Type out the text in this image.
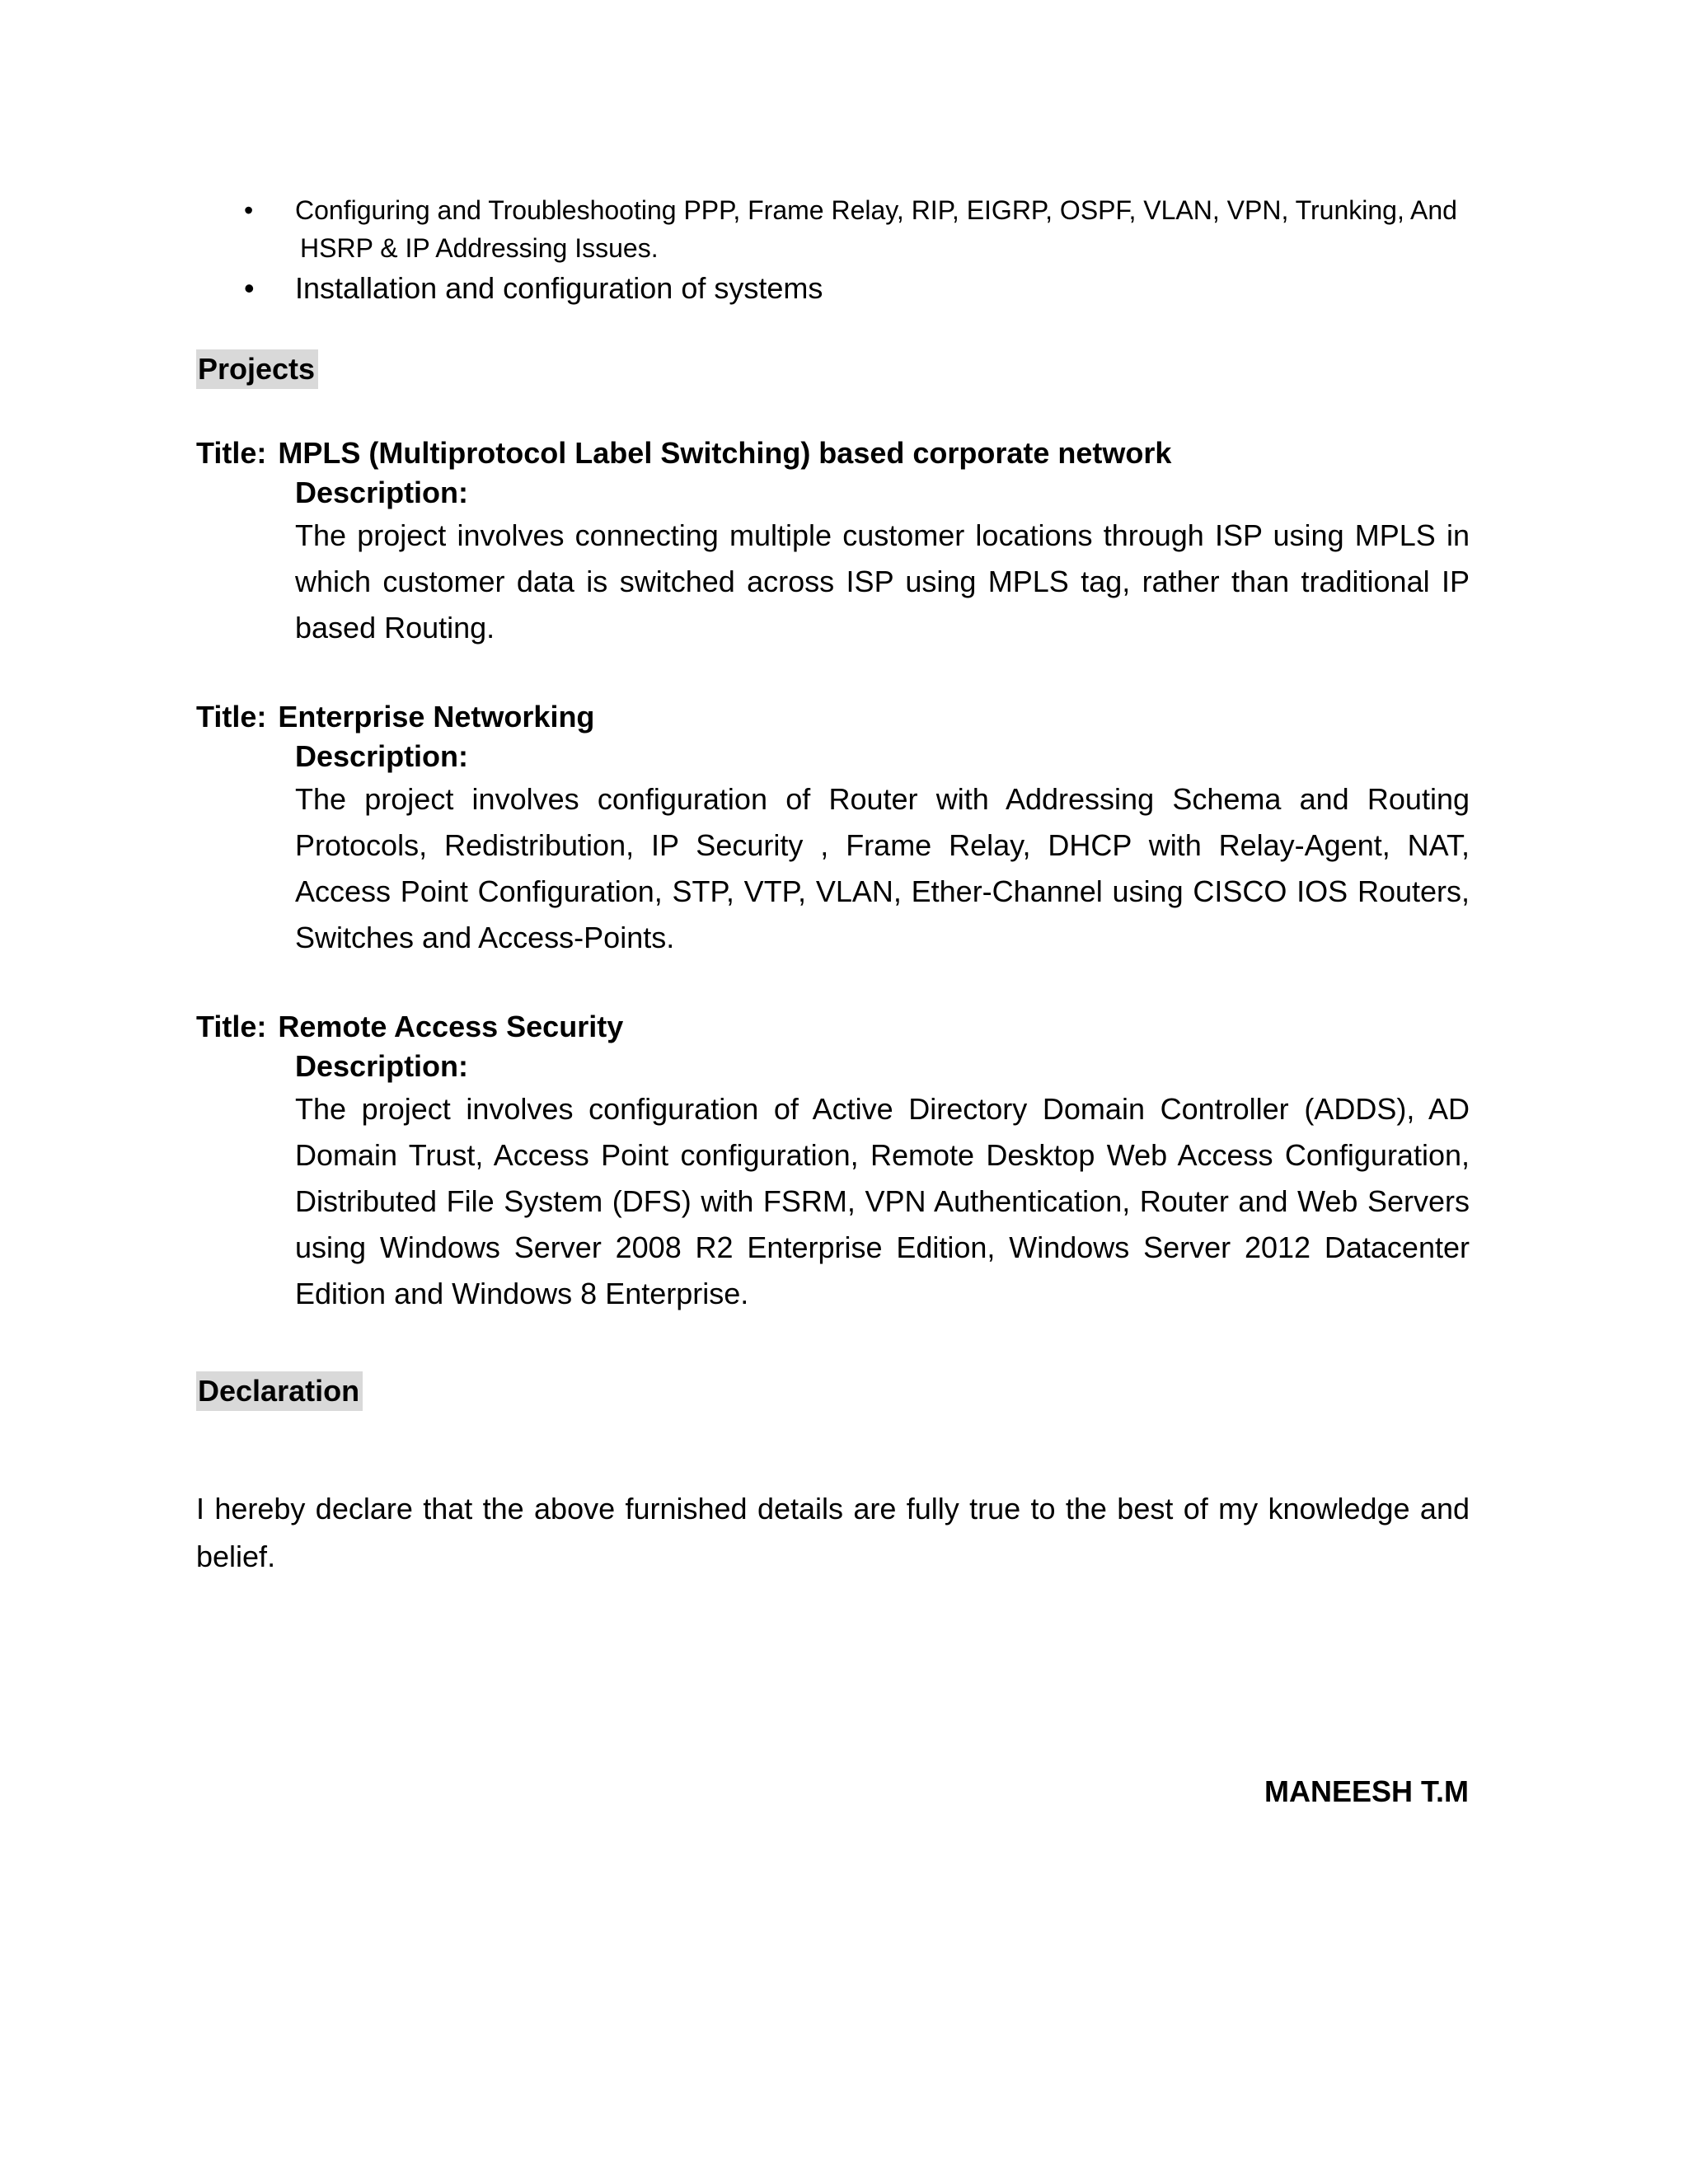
• Configuring and Troubleshooting PPP, Frame Relay, RIP, EIGRP, OSPF, VLAN, VPN, Trunking, And
HSRP & IP Addressing Issues.
• Installation and configuration of systems
Projects
Title: MPLS (Multiprotocol Label Switching) based corporate network
Description:
The project involves connecting multiple customer locations through ISP using MPLS in which customer data is switched across ISP using MPLS tag, rather than traditional IP based Routing.
Title: Enterprise Networking
Description:
The project involves configuration of Router with Addressing Schema and Routing Protocols, Redistribution, IP Security , Frame Relay, DHCP with Relay-Agent, NAT, Access Point Configuration, STP, VTP, VLAN, Ether-Channel using CISCO IOS Routers, Switches and Access-Points.
Title: Remote Access Security
Description:
The project involves configuration of Active Directory Domain Controller (ADDS), AD Domain Trust, Access Point configuration, Remote Desktop Web Access Configuration, Distributed File System (DFS) with FSRM, VPN Authentication, Router and Web Servers using Windows Server 2008 R2 Enterprise Edition, Windows Server 2012 Datacenter Edition and Windows 8 Enterprise.
Declaration
I hereby declare that the above furnished details are fully true to the best of my knowledge and belief.
MANEESH T.M
